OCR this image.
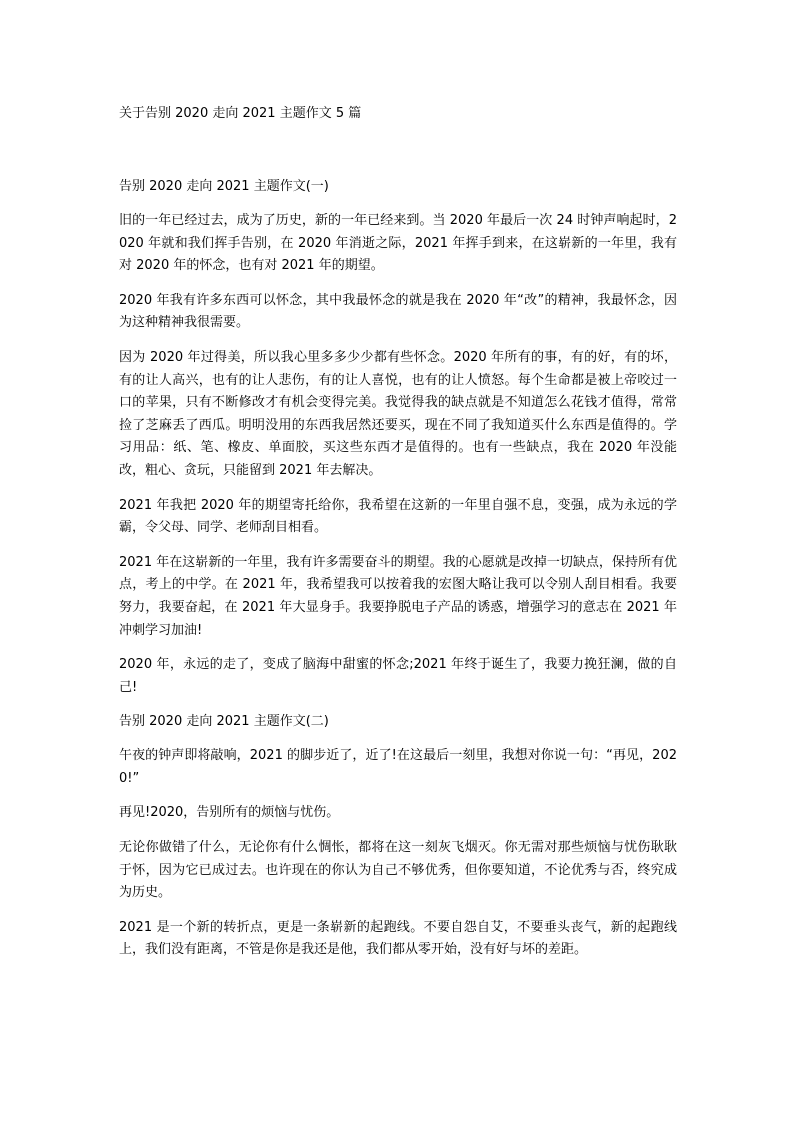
关于告别 2020 走向 2021 主题作文 5 篇
告别 2020 走向 2021 主题作文(一)

旧的一年已经过去，成为了历史，新的一年已经来到。当 2020 年最后一次 24 时钟声响起时，2020 年就和我们挥手告别，在 2020 年消逝之际，2021 年挥手到来，在这崭新的一年里，我有对 2020 年的怀念，也有对 2021 年的期望。

2020 年我有许多东西可以怀念，其中我最怀念的就是我在 2020 年“改”的精神，我最怀念，因为这种精神我很需要。

因为 2020 年过得美，所以我心里多多少少都有些怀念。2020 年所有的事，有的好，有的坏，有的让人高兴，也有的让人悲伤，有的让人喜悦，也有的让人愤怒。每个生命都是被上帝咬过一口的苹果，只有不断修改才有机会变得完美。我觉得我的缺点就是不知道怎么花钱才值得，常常捡了芝麻丢了西瓜。明明没用的东西我居然还要买，现在不同了我知道买什么东西是值得的。学习用品：纸、笔、橡皮、单面胶，买这些东西才是值得的。也有一些缺点，我在 2020 年没能改，粗心、贪玩，只能留到 2021 年去解决。

2021 年我把 2020 年的期望寄托给你，我希望在这新的一年里自强不息，变强，成为永远的学霸，令父母、同学、老师刮目相看。

2021 年在这崭新的一年里，我有许多需要奋斗的期望。我的心愿就是改掉一切缺点，保持所有优点，考上的中学。在 2021 年，我希望我可以按着我的宏图大略让我可以令别人刮目相看。我要努力，我要奋起，在 2021 年大显身手。我要挣脱电子产品的诱惑，增强学习的意志在 2021 年冲刺学习加油!

2020 年，永远的走了，变成了脑海中甜蜜的怀念;2021 年终于诞生了，我要力挽狂澜，做的自己!

告别 2020 走向 2021 主题作文(二)

午夜的钟声即将敲响，2021 的脚步近了，近了!在这最后一刻里，我想对你说一句：“再见，2020!”

再见!2020，告别所有的烦恼与忧伤。

无论你做错了什么，无论你有什么惆怅，都将在这一刻灰飞烟灭。你无需对那些烦恼与忧伤耿耿于怀，因为它已成过去。也许现在的你认为自己不够优秀，但你要知道，不论优秀与否，终究成为历史。

2021 是一个新的转折点，更是一条崭新的起跑线。不要自怨自艾，不要垂头丧气，新的起跑线上，我们没有距离，不管是你是我还是他，我们都从零开始，没有好与坏的差距。
